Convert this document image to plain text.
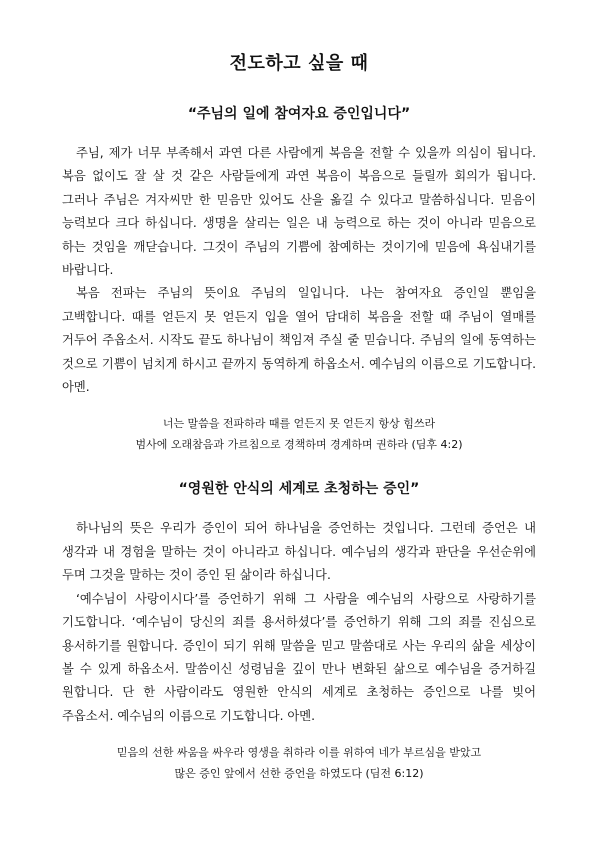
전도하고 싶을 때
“주님의 일에 참여자요 증인입니다”

주님, 제가 너무 부족해서 과연 다른 사람에게 복음을 전할 수 있을까 의심이 됩니다. 복음 없이도 잘 살 것 같은 사람들에게 과연 복음이 복음으로 들릴까 회의가 됩니다. 그러나 주님은 겨자씨만 한 믿음만 있어도 산을 옮길 수 있다고 말씀하십니다. 믿음이 능력보다 크다 하십니다. 생명을 살리는 일은 내 능력으로 하는 것이 아니라 믿음으로 하는 것임을 깨닫습니다. 그것이 주님의 기쁨에 참예하는 것이기에 믿음에 욕심내기를 바랍니다.

복음 전파는 주님의 뜻이요 주님의 일입니다. 나는 참여자요 증인일 뿐임을 고백합니다. 때를 얻든지 못 얻든지 입을 열어 담대히 복음을 전할 때 주님이 열매를 거두어 주옵소서. 시작도 끝도 하나님이 책임져 주실 줄 믿습니다. 주님의 일에 동역하는 것으로 기쁨이 넘치게 하시고 끝까지 동역하게 하옵소서. 예수님의 이름으로 기도합니다. 아멘.

너는 말씀을 전파하라 때를 얻든지 못 얻든지 항상 힘쓰라
범사에 오래참음과 가르침으로 경책하며 경계하며 권하라 (딤후 4:2)
“영원한 안식의 세계로 초청하는 증인”

하나님의 뜻은 우리가 증인이 되어 하나님을 증언하는 것입니다. 그런데 증언은 내 생각과 내 경험을 말하는 것이 아니라고 하십니다. 예수님의 생각과 판단을 우선순위에 두며 그것을 말하는 것이 증인 된 삶이라 하십니다.

‘예수님이 사랑이시다’를 증언하기 위해 그 사람을 예수님의 사랑으로 사랑하기를 기도합니다. ‘예수님이 당신의 죄를 용서하셨다’를 증언하기 위해 그의 죄를 진심으로 용서하기를 원합니다. 증인이 되기 위해 말씀을 믿고 말씀대로 사는 우리의 삶을 세상이 볼 수 있게 하옵소서. 말씀이신 성령님을 깊이 만나 변화된 삶으로 예수님을 증거하길 원합니다. 단 한 사람이라도 영원한 안식의 세계로 초청하는 증인으로 나를 빚어 주옵소서. 예수님의 이름으로 기도합니다. 아멘.

믿음의 선한 싸움을 싸우라 영생을 취하라 이를 위하여 네가 부르심을 받았고
많은 증인 앞에서 선한 증언을 하였도다 (딤전 6:12)
